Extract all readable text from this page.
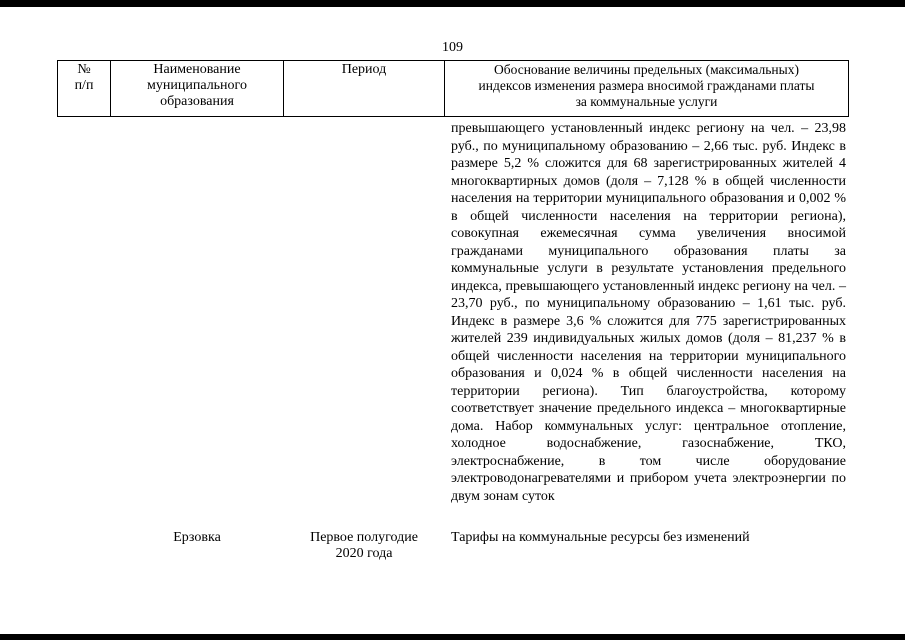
109
№
п/п
Наименование
муниципального
образования
Период	Обоснование величины предельных (максимальных)
индексов изменения размера вносимой гражданами платы
за коммунальные услуги
превышающего установленный индекс региону на чел. – 23,98 руб., по муниципальному образованию – 2,66 тыс. руб. Индекс в размере 5,2 % сложится для 68 зарегистрированных жителей 4 многоквартирных домов (доля – 7,128 % в общей численности населения на территории муниципального образования и 0,002 % в общей численности населения на территории региона), совокупная ежемесячная сумма увеличения вносимой гражданами муниципального образования платы за коммунальные услуги в результате установления предельного индекса, превышающего установленный индекс региону на чел. – 23,70 руб., по муниципальному образованию – 1,61 тыс. руб. Индекс в размере 3,6 % сложится для 775 зарегистрированных жителей 239 индивидуальных жилых домов (доля – 81,237 % в общей численности населения на территории муниципального образования и 0,024 % в общей численности населения на территории региона). Тип благоустройства, которому соответствует значение предельного индекса – многоквартирные дома. Набор коммунальных услуг: центральное отопление, холодное водоснабжение, газоснабжение, ТКО, электроснабжение, в том числе оборудование электроводонагревателями и прибором учета электроэнергии по двум зонам суток
Ерзовка	Первое полугодие
2020 года
Тарифы на коммунальные ресурсы без изменений
